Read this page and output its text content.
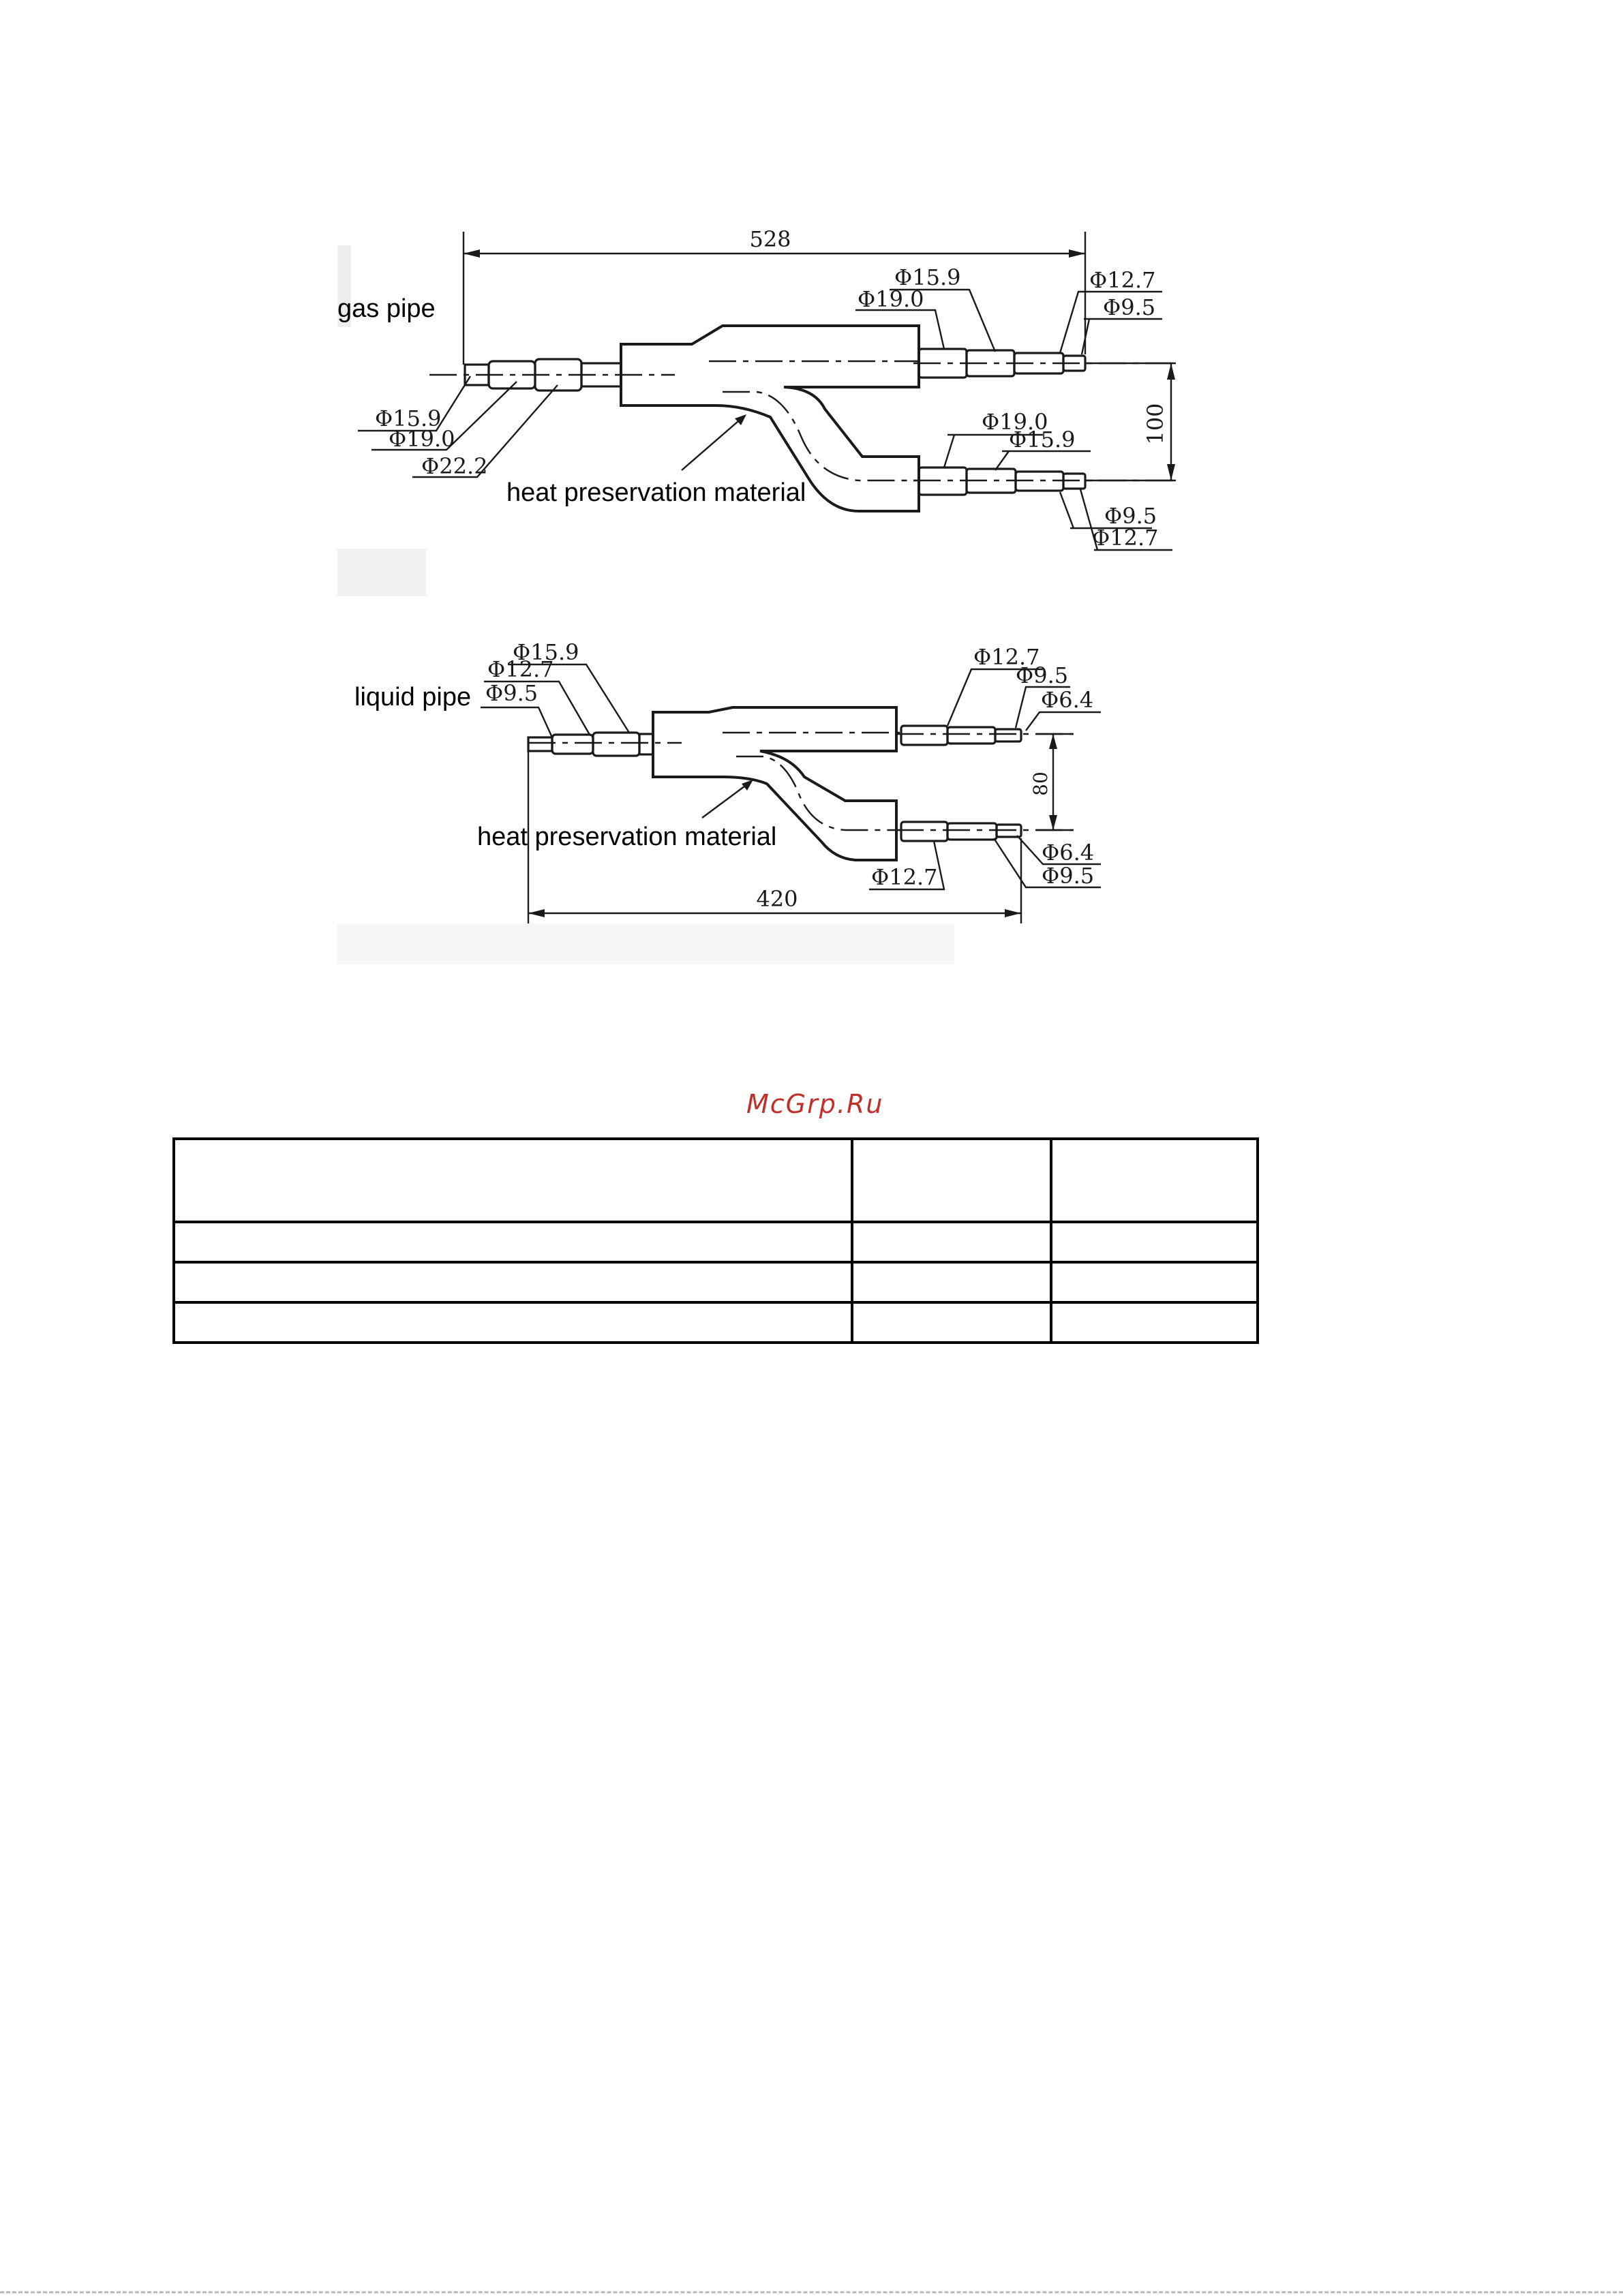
528
100
Φ15.9
Φ19.0
Φ22.2
Φ15.9
Φ19.0
Φ12.7
Φ9.5
Φ19.0
Φ15.9
Φ9.5
Φ12.7
gas pipe
heat preservation material
80
420
Φ15.9
Φ12.7
Φ9.5
Φ12.7
Φ9.5
Φ6.4
Φ6.4
Φ9.5
Φ12.7
liquid pipe
heat preservation material
McGrp.Ru
